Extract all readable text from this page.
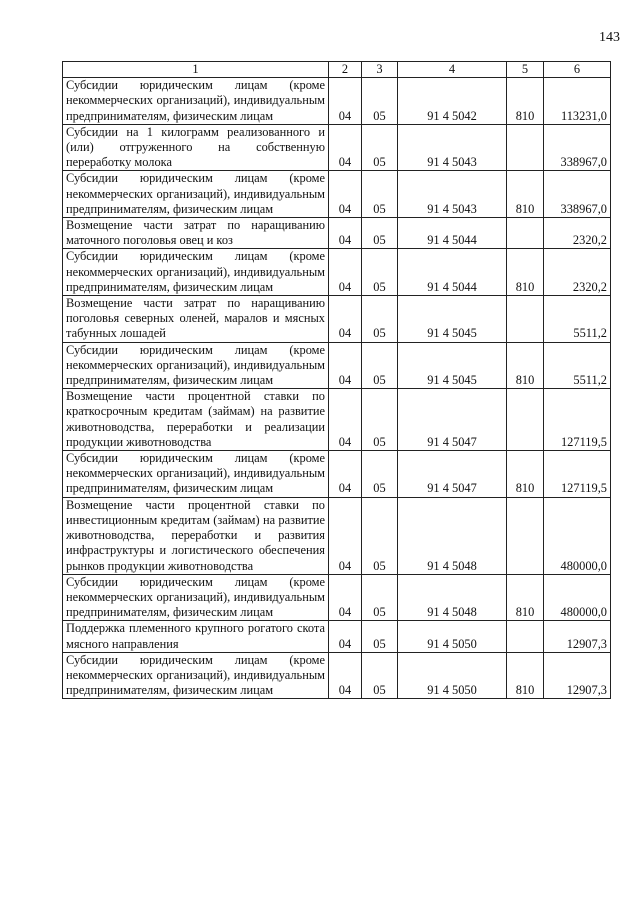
143
1	2	3	4	5	6
Субсидии юридическим лицам (кроме некоммерческих организаций), индивидуальным предпринимателям, физическим лицам	04	05	91 4 5042	810	113231,0
Субсидии на 1 килограмм реализованного и (или) отгруженного на собственную переработку молока	04	05	91 4 5043		338967,0
Субсидии юридическим лицам (кроме некоммерческих организаций), индивидуальным предпринимателям, физическим лицам	04	05	91 4 5043	810	338967,0
Возмещение части затрат по наращиванию маточного поголовья овец и коз	04	05	91 4 5044		2320,2
Субсидии юридическим лицам (кроме некоммерческих организаций), индивидуальным предпринимателям, физическим лицам	04	05	91 4 5044	810	2320,2
Возмещение части затрат по наращиванию поголовья северных оленей, маралов и мясных табунных лошадей	04	05	91 4 5045		5511,2
Субсидии юридическим лицам (кроме некоммерческих организаций), индивидуальным предпринимателям, физическим лицам	04	05	91 4 5045	810	5511,2
Возмещение части процентной ставки по краткосрочным кредитам (займам) на развитие животноводства, переработки и реализации продукции животноводства	04	05	91 4 5047		127119,5
Субсидии юридическим лицам (кроме некоммерческих организаций), индивидуальным предпринимателям, физическим лицам	04	05	91 4 5047	810	127119,5
Возмещение части процентной ставки по инвестиционным кредитам (займам) на развитие животноводства, переработки и развития инфраструктуры и логистического обеспечения рынков продукции животноводства	04	05	91 4 5048		480000,0
Субсидии юридическим лицам (кроме некоммерческих организаций), индивидуальным предпринимателям, физическим лицам	04	05	91 4 5048	810	480000,0
Поддержка племенного крупного рогатого скота мясного направления	04	05	91 4 5050		12907,3
Субсидии юридическим лицам (кроме некоммерческих организаций), индивидуальным предпринимателям, физическим лицам	04	05	91 4 5050	810	12907,3
